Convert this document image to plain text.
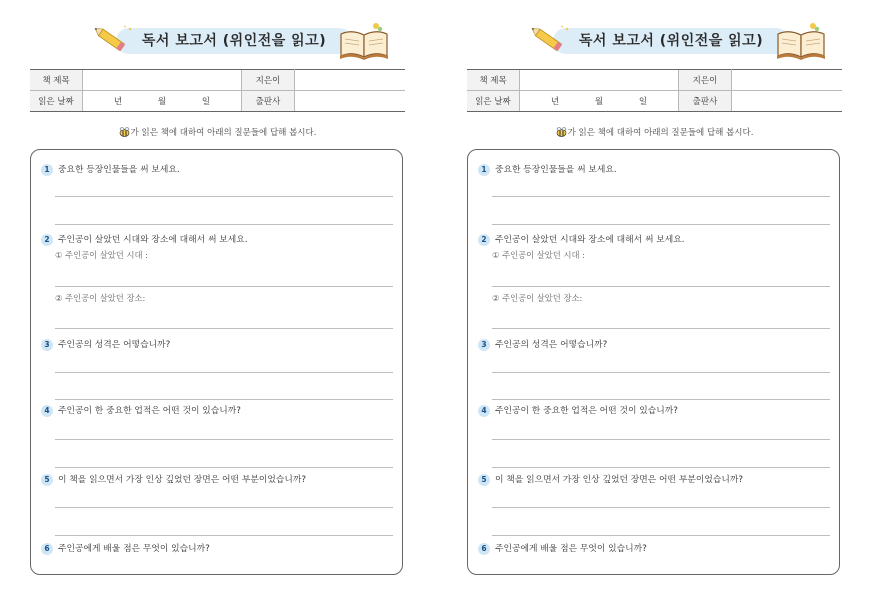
독서 보고서 (위인전을 읽고)
책 제목		지은이	
읽은 날짜	년 월 일	출판사	
가 읽은 책에 대하여 아래의 질문들에 답해 봅시다.
1 중요한 등장인물들을 써 보세요.
2 주인공이 살았던 시대와 장소에 대해서 써 보세요.
① 주인공이 살았던 시대 :
② 주인공이 살았던 장소:
3 주인공의 성격은 어떻습니까?
4 주인공이 한 중요한 업적은 어떤 것이 있습니까?
5 이 책을 읽으면서 가장 인상 깊었던 장면은 어떤 부분이었습니까?
6 주인공에게 배울 점은 무엇이 있습니까?
독서 보고서 (위인전을 읽고)
책 제목		지은이	
읽은 날짜	년 월 일	출판사	
가 읽은 책에 대하여 아래의 질문들에 답해 봅시다.
1 중요한 등장인물들을 써 보세요.
2 주인공이 살았던 시대와 장소에 대해서 써 보세요.
① 주인공이 살았던 시대 :
② 주인공이 살았던 장소:
3 주인공의 성격은 어떻습니까?
4 주인공이 한 중요한 업적은 어떤 것이 있습니까?
5 이 책을 읽으면서 가장 인상 깊었던 장면은 어떤 부분이었습니까?
6 주인공에게 배울 점은 무엇이 있습니까?
